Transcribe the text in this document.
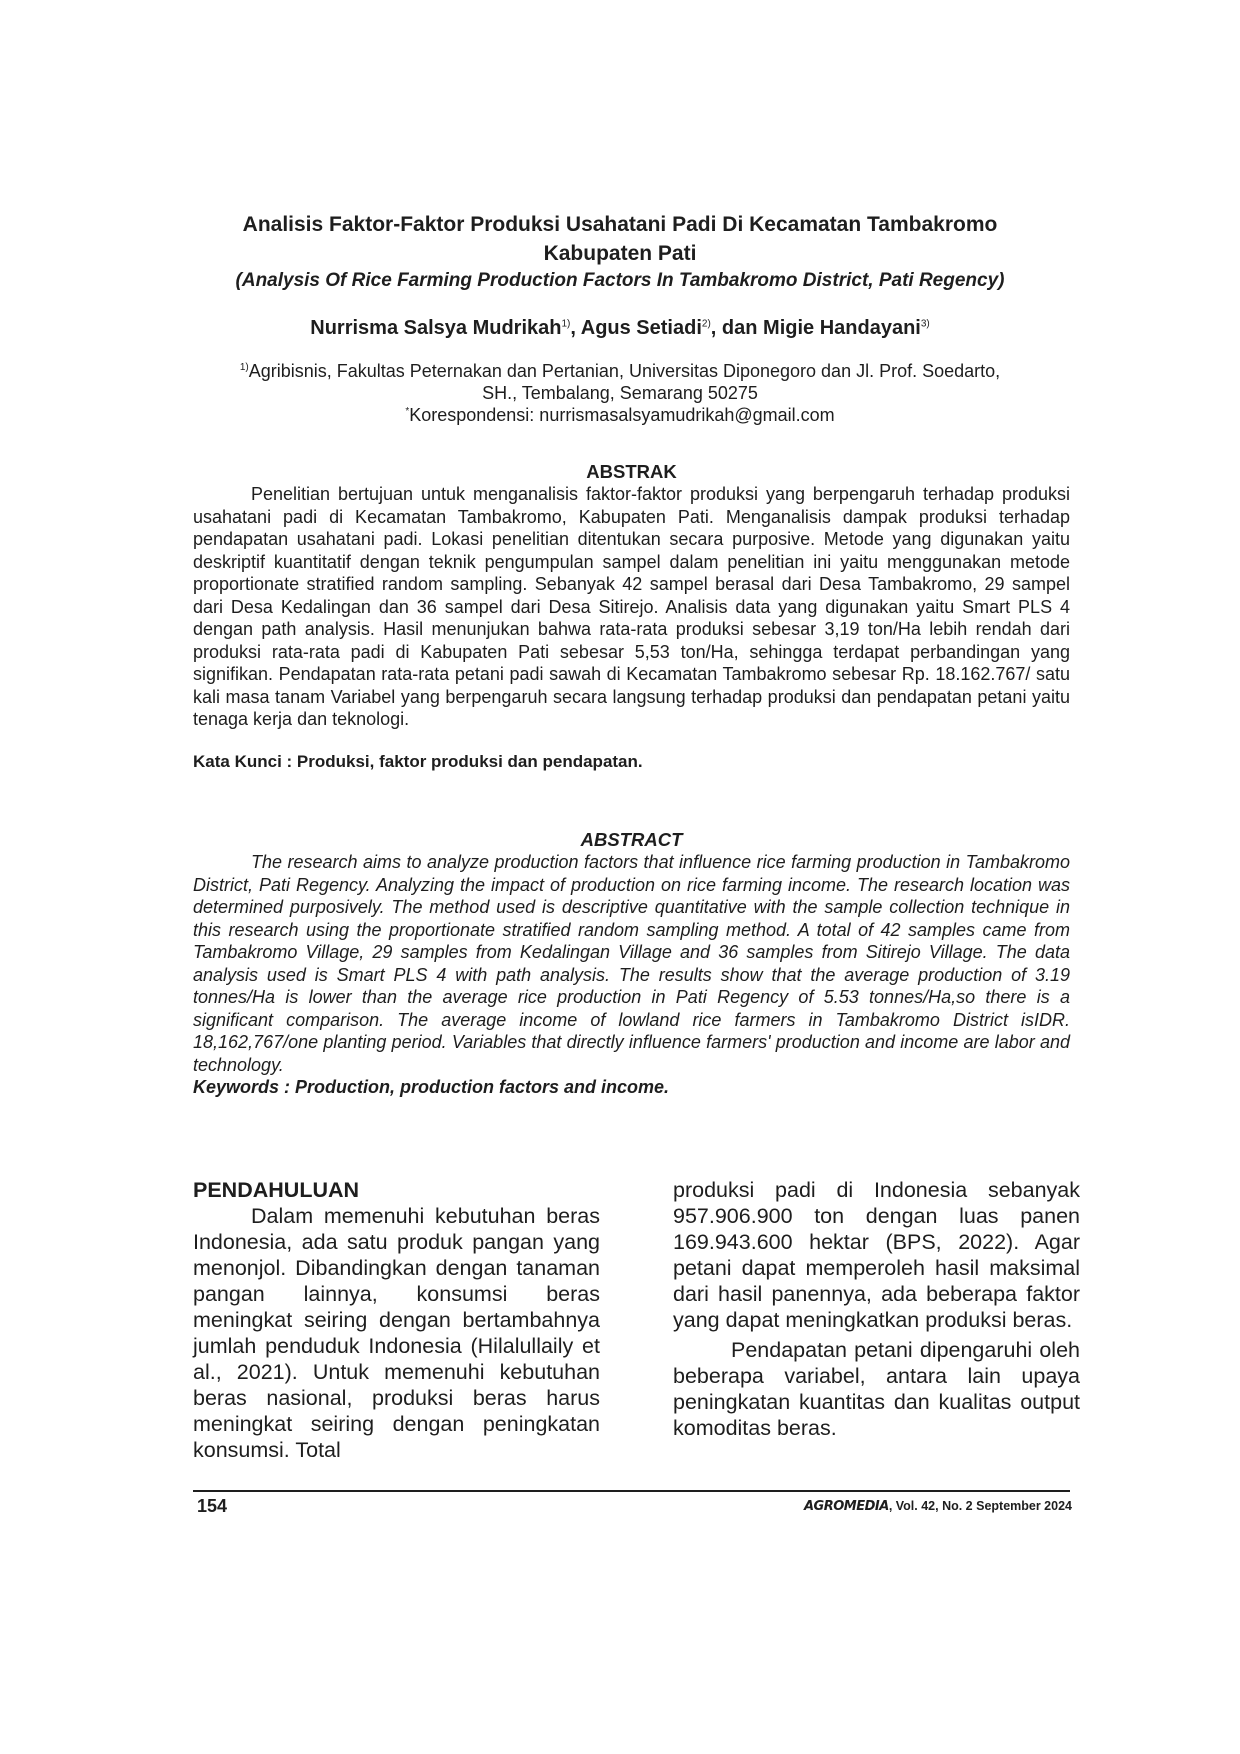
Analisis Faktor-Faktor Produksi Usahatani Padi Di Kecamatan Tambakromo
Kabupaten Pati

(Analysis Of Rice Farming Production Factors In Tambakromo District, Pati Regency)

Nurrisma Salsya Mudrikah$^{1)}$, Agus Setiadi$^{2)}$, dan Migie Handayani$^{3)}$
$^{1)}$Agribisnis, Fakultas Peternakan dan Pertanian, Universitas Diponegoro dan Jl. Prof. Soedarto,
SH., Tembalang, Semarang 50275
*Korespondensi: nurrismasalsyamudrikah@gmail.com

ABSTRAK

Penelitian bertujuan untuk menganalisis faktor-faktor produksi yang berpengaruh terhadap produksi usahatani padi di Kecamatan Tambakromo, Kabupaten Pati. Menganalisis dampak produksi terhadap pendapatan usahatani padi. Lokasi penelitian ditentukan secara purposive. Metode yang digunakan yaitu deskriptif kuantitatif dengan teknik pengumpulan sampel dalam penelitian ini yaitu menggunakan metode proportionate stratified random sampling. Sebanyak 42 sampel berasal dari Desa Tambakromo, 29 sampel dari Desa Kedalingan dan 36 sampel dari Desa Sitirejo. Analisis data yang digunakan yaitu Smart PLS 4 dengan path analysis. Hasil menunjukan bahwa rata-rata produksi sebesar 3,19 ton/Ha lebih rendah dari produksi rata-rata padi di Kabupaten Pati sebesar 5,53 ton/Ha, sehingga terdapat perbandingan yang signifikan. Pendapatan rata-rata petani padi sawah di Kecamatan Tambakromo sebesar Rp. 18.162.767/ satu kali masa tanam Variabel yang berpengaruh secara langsung terhadap produksi dan pendapatan petani yaitu tenaga kerja dan teknologi.

Kata Kunci : Produksi, faktor produksi dan pendapatan.

ABSTRACT

The research aims to analyze production factors that influence rice farming production in Tambakromo District, Pati Regency. Analyzing the impact of production on rice farming income. The research location was determined purposively. The method used is descriptive quantitative with the sample collection technique in this research using the proportionate stratified random sampling method. A total of 42 samples came from Tambakromo Village, 29 samples from Kedalingan Village and 36 samples from Sitirejo Village. The data analysis used is Smart PLS 4 with path analysis. The results show that the average production of 3.19 tonnes/Ha is lower than the average rice production in Pati Regency of 5.53 tonnes/Ha,so there is a significant comparison. The average income of lowland rice farmers in Tambakromo District isIDR. 18,162,767/one planting period. Variables that directly influence farmers' production and income are labor and technology.

Keywords : Production, production factors and income.

PENDAHULUAN

Dalam memenuhi kebutuhan beras Indonesia, ada satu produk pangan yang menonjol. Dibandingkan dengan tanaman pangan lainnya, konsumsi beras meningkat seiring dengan bertambahnya jumlah penduduk Indonesia (Hilalullaily et al., 2021). Untuk memenuhi kebutuhan beras nasional, produksi beras harus meningkat seiring dengan peningkatan konsumsi. Total

produksi padi di Indonesia sebanyak 957.906.900 ton dengan luas panen 169.943.600 hektar (BPS, 2022). Agar petani dapat memperoleh hasil maksimal dari hasil panennya, ada beberapa faktor yang dapat meningkatkan produksi beras.

Pendapatan petani dipengaruhi oleh beberapa variabel, antara lain upaya peningkatan kuantitas dan kualitas output komoditas beras.

154	AGROMEDIA, Vol. 42, No. 2 September 2024
